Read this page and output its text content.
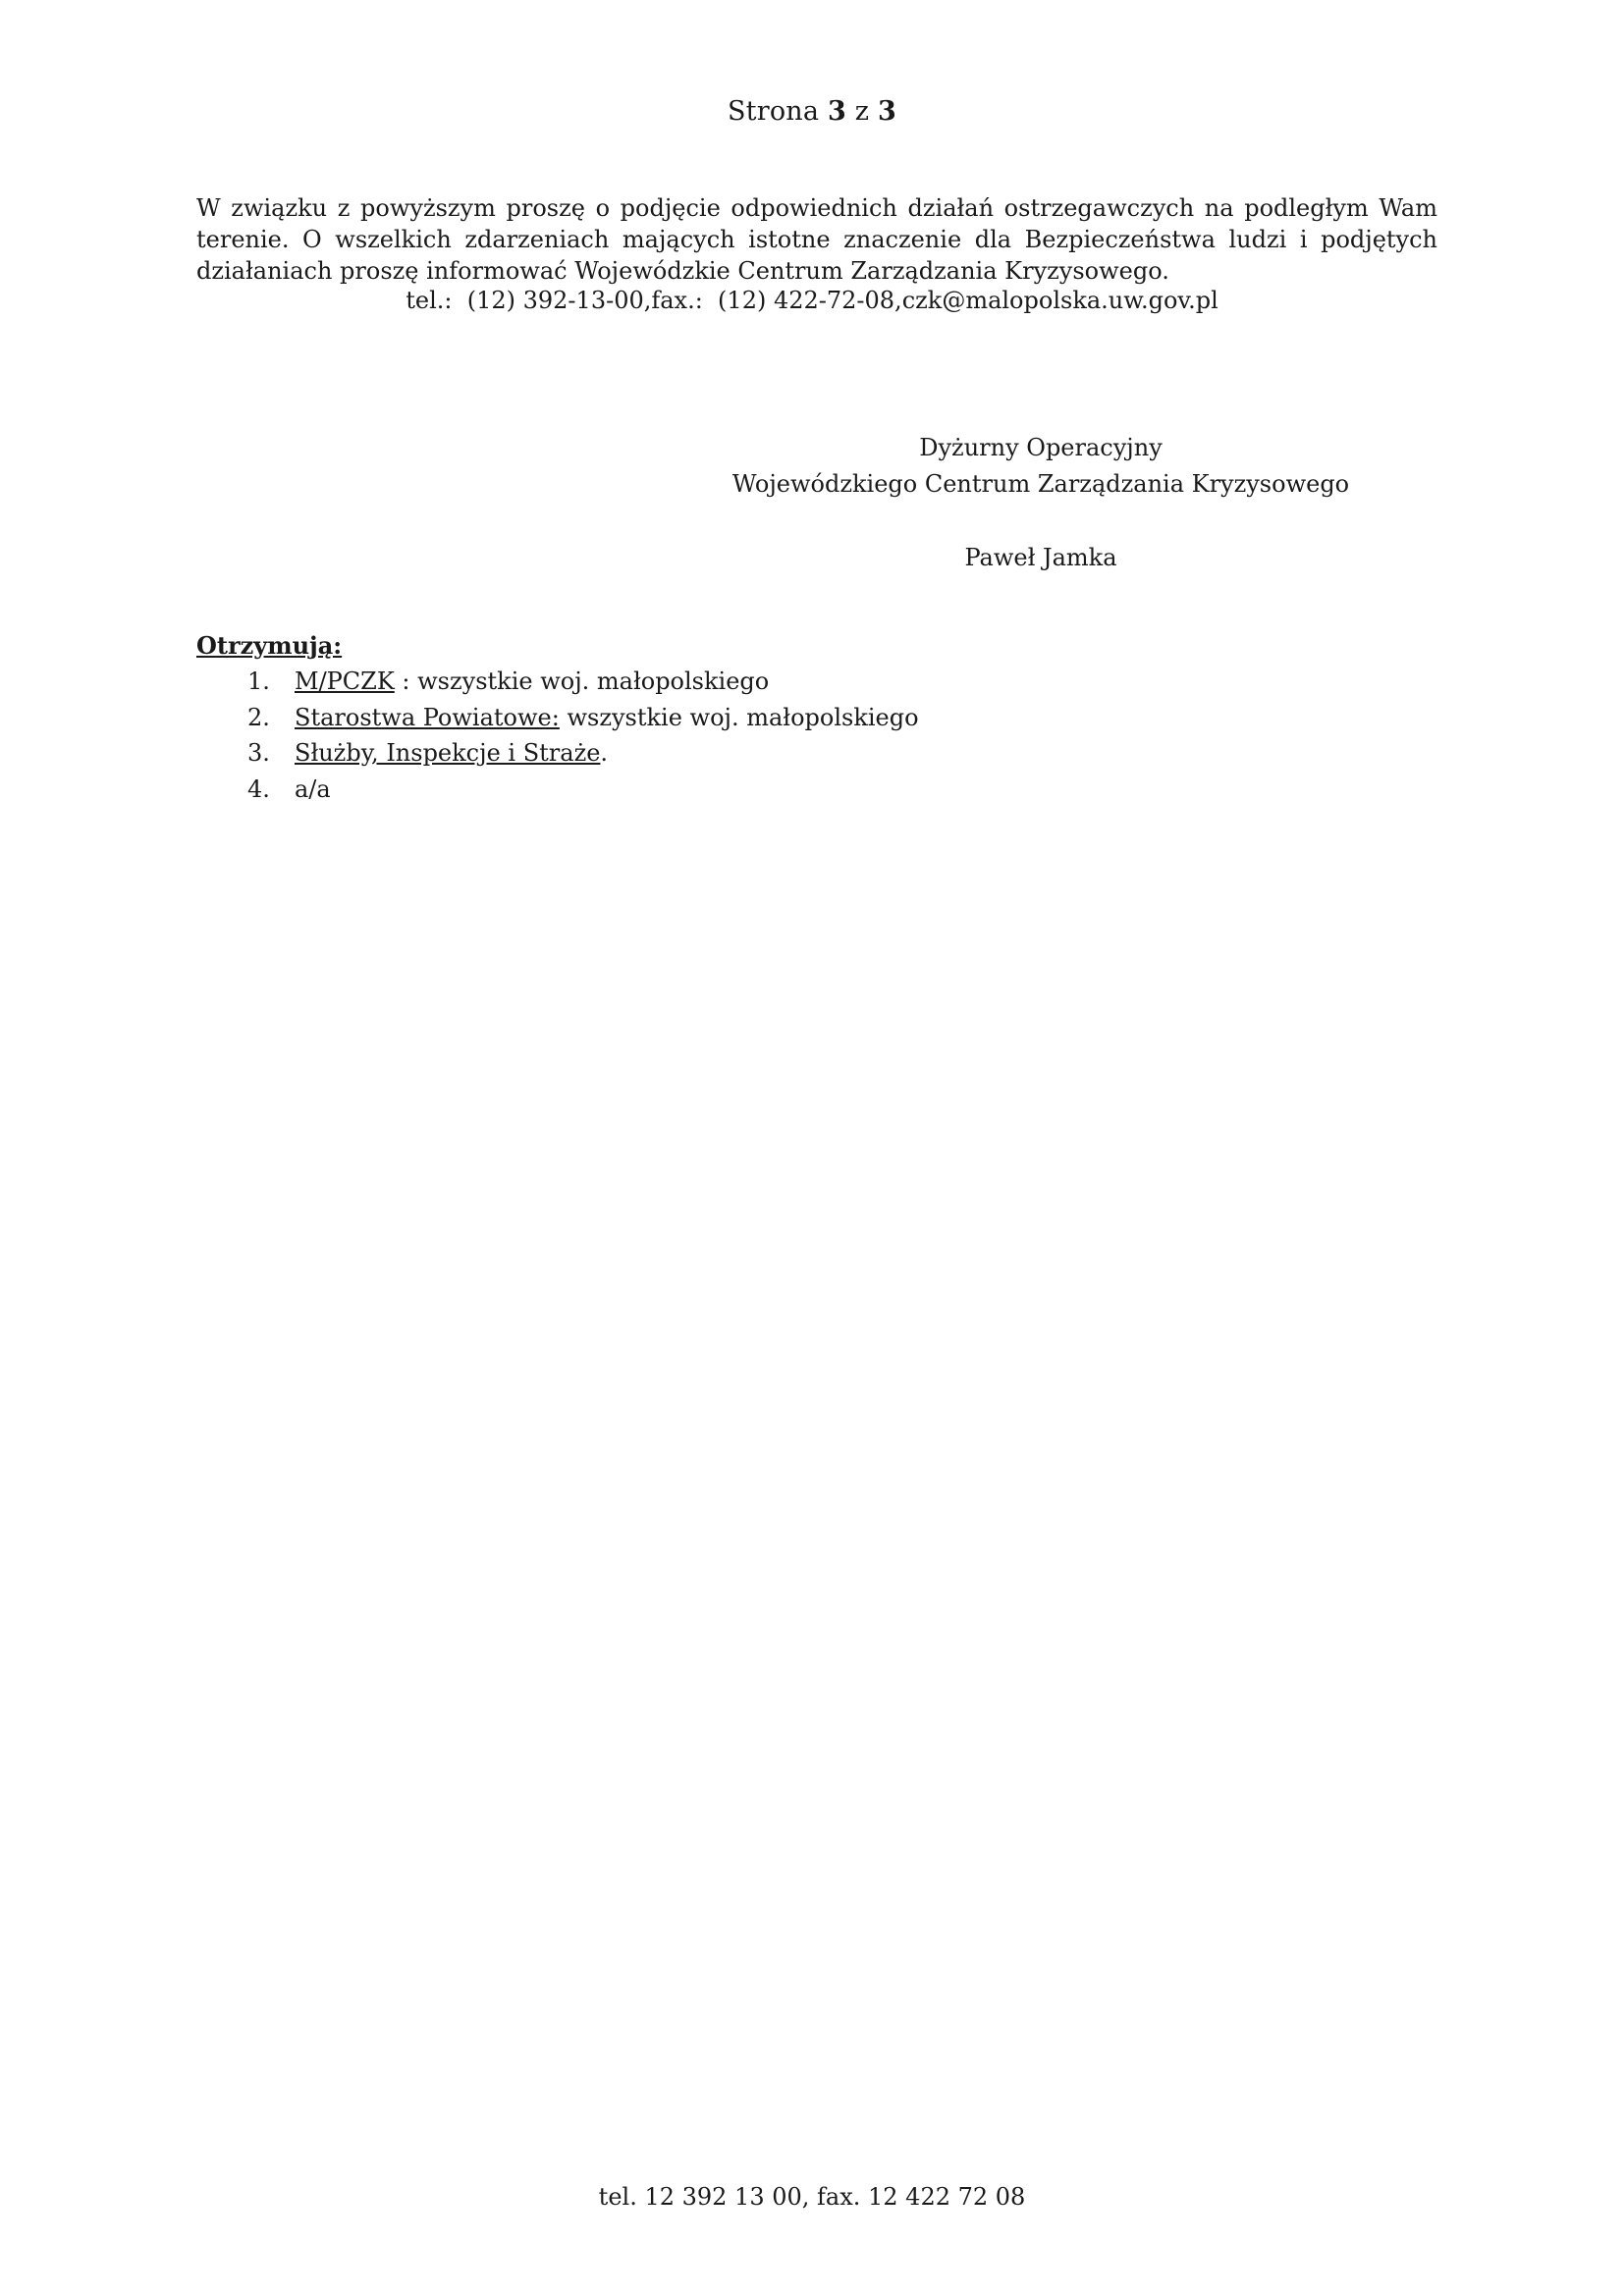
Strona 3 z 3
W związku z powyższym proszę o podjęcie odpowiednich działań ostrzegawczych na podległym Wam
terenie. O wszelkich zdarzeniach mających istotne znaczenie dla Bezpieczeństwa ludzi i podjętych
działaniach proszę informować Wojewódzkie Centrum Zarządzania Kryzysowego.
tel.:  (12) 392-13-00,fax.:  (12) 422-72-08,czk@malopolska.uw.gov.pl
Dyżurny Operacyjny
Wojewódzkiego Centrum Zarządzania Kryzysowego
Paweł Jamka
Otrzymują:
1. M/PCZK : wszystkie woj. małopolskiego
2. Starostwa Powiatowe: wszystkie woj. małopolskiego
3. Służby, Inspekcje i Straże.
4. a/a
tel. 12 392 13 00, fax. 12 422 72 08
